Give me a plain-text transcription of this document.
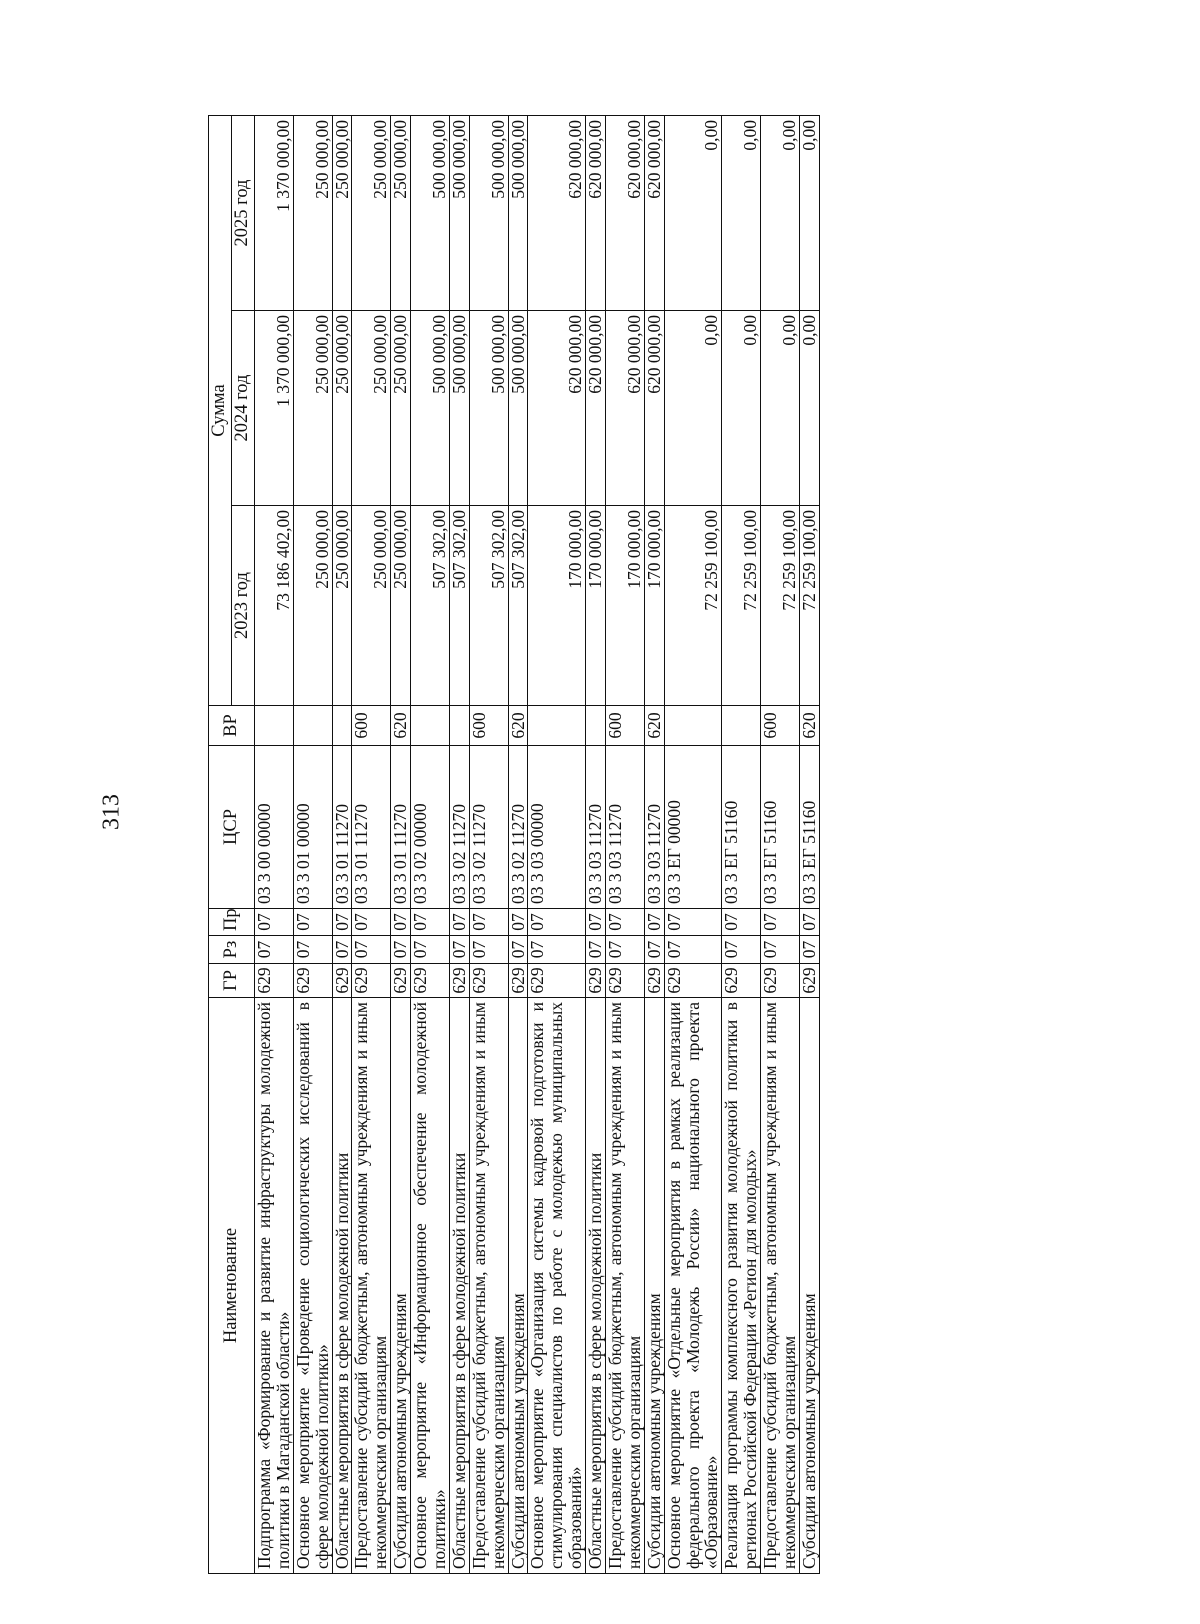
313
Наименование	ГР	Рз	Пр	ЦСР	ВР	Сумма		
						2023 год	2024 год	2025 год
Подпрограмма «Формирование и развитие инфраструктуры молодежной политики в Магаданской области»	629	07	07	03 3 00 00000		73 186 402,00	1 370 000,00	1 370 000,00
Основное мероприятие «Проведение социологических исследований в сфере молодежной политики»	629	07	07	03 3 01 00000		250 000,00	250 000,00	250 000,00
Областные мероприятия в сфере молодежной политики	629	07	07	03 3 01 11270		250 000,00	250 000,00	250 000,00
Предоставление субсидий бюджетным, автономным учреждениям и иным некоммерческим организациям	629	07	07	03 3 01 11270	600	250 000,00	250 000,00	250 000,00
Субсидии автономным учреждениям	629	07	07	03 3 01 11270	620	250 000,00	250 000,00	250 000,00
Основное мероприятие «Информационное обеспечение молодежной политики»	629	07	07	03 3 02 00000		507 302,00	500 000,00	500 000,00
Областные мероприятия в сфере молодежной политики	629	07	07	03 3 02 11270		507 302,00	500 000,00	500 000,00
Предоставление субсидий бюджетным, автономным учреждениям и иным некоммерческим организациям	629	07	07	03 3 02 11270	600	507 302,00	500 000,00	500 000,00
Субсидии автономным учреждениям	629	07	07	03 3 02 11270	620	507 302,00	500 000,00	500 000,00
Основное мероприятие «Организация системы кадровой подготовки и стимулирования специалистов по работе с молодежью муниципальных образований»	629	07	07	03 3 03 00000		170 000,00	620 000,00	620 000,00
Областные мероприятия в сфере молодежной политики	629	07	07	03 3 03 11270		170 000,00	620 000,00	620 000,00
Предоставление субсидий бюджетным, автономным учреждениям и иным некоммерческим организациям	629	07	07	03 3 03 11270	600	170 000,00	620 000,00	620 000,00
Субсидии автономным учреждениям	629	07	07	03 3 03 11270	620	170 000,00	620 000,00	620 000,00
Основное мероприятие «Отдельные мероприятия в рамках реализации федерального проекта «Молодежь России» национального проекта «Образование»	629	07	07	03 3 ЕГ 00000		72 259 100,00	0,00	0,00
Реализация программы комплексного развития молодежной политики в регионах Российской Федерации «Регион для молодых»	629	07	07	03 3 ЕГ 51160		72 259 100,00	0,00	0,00
Предоставление субсидий бюджетным, автономным учреждениям и иным некоммерческим организациям	629	07	07	03 3 ЕГ 51160	600	72 259 100,00	0,00	0,00
Субсидии автономным учреждениям	629	07	07	03 3 ЕГ 51160	620	72 259 100,00	0,00	0,00
